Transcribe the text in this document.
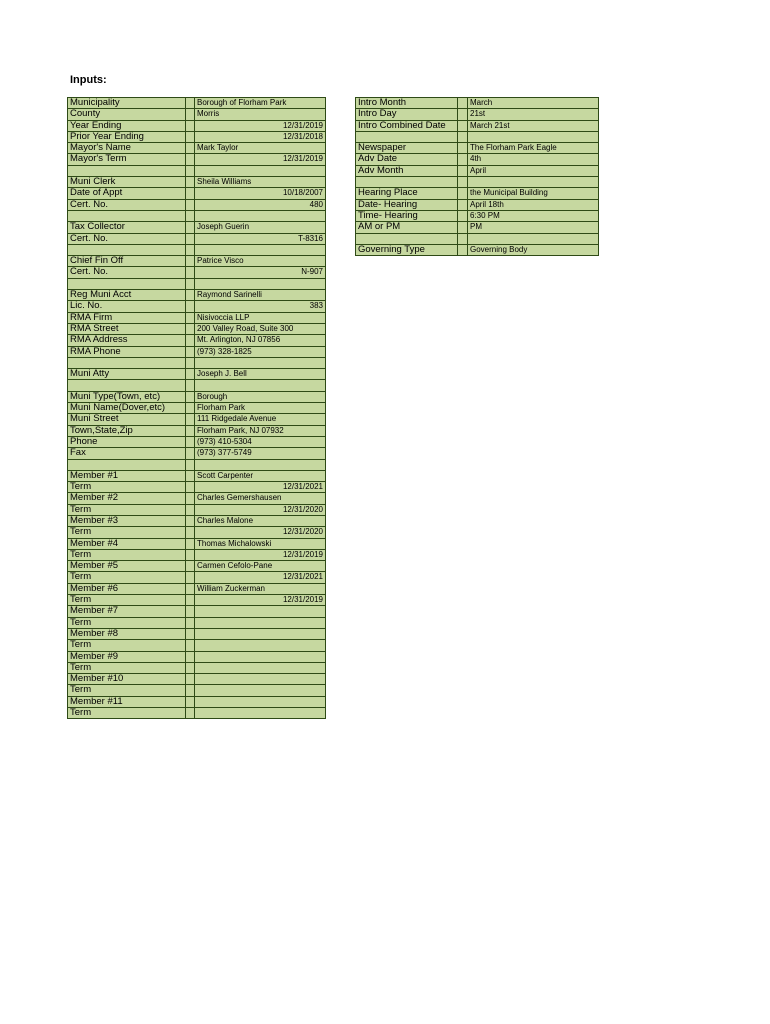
Inputs:
Municipality		Borough of Florham Park
County		Morris
Year Ending		12/31/2019
Prior Year Ending		12/31/2018
Mayor's Name		Mark Taylor
Mayor's Term		12/31/2019

Muni Clerk		Sheila Williams
Date of Appt		10/18/2007
Cert. No.		480

Tax Collector		Joseph Guerin
Cert. No.		T-8316

Chief Fin Off		Patrice Visco
Cert. No.		N-907

Reg Muni Acct		Raymond Sarinelli
Lic. No.		383
RMA Firm		Nisivoccia LLP
RMA Street		200 Valley Road, Suite 300
RMA Address		Mt. Arlington, NJ 07856
RMA Phone		(973) 328-1825

Muni Atty		Joseph J. Bell

Muni Type(Town, etc)		Borough
Muni Name(Dover,etc)		Florham Park
Muni Street		111 Ridgedale Avenue
Town,State,Zip		Florham Park, NJ 07932
Phone		(973) 410-5304
Fax		(973) 377-5749

Member #1		Scott Carpenter
Term		12/31/2021
Member #2		Charles Gemershausen
Term		12/31/2020
Member #3		Charles Malone
Term		12/31/2020
Member #4		Thomas Michalowski
Term		12/31/2019
Member #5		Carmen Cefolo-Pane
Term		12/31/2021
Member #6		William Zuckerman
Term		12/31/2019
Member #7		
Term		
Member #8		
Term		
Member #9		
Term		
Member #10		
Term		
Member #11		
Term		
Intro Month		March
Intro Day		21st
Intro Combined Date		March 21st

Newspaper		The Florham Park Eagle
Adv Date		4th
Adv Month		April

Hearing Place		the Municipal Building
Date- Hearing		April 18th
Time- Hearing		6:30 PM
AM or PM		PM

Governing Type		Governing Body
